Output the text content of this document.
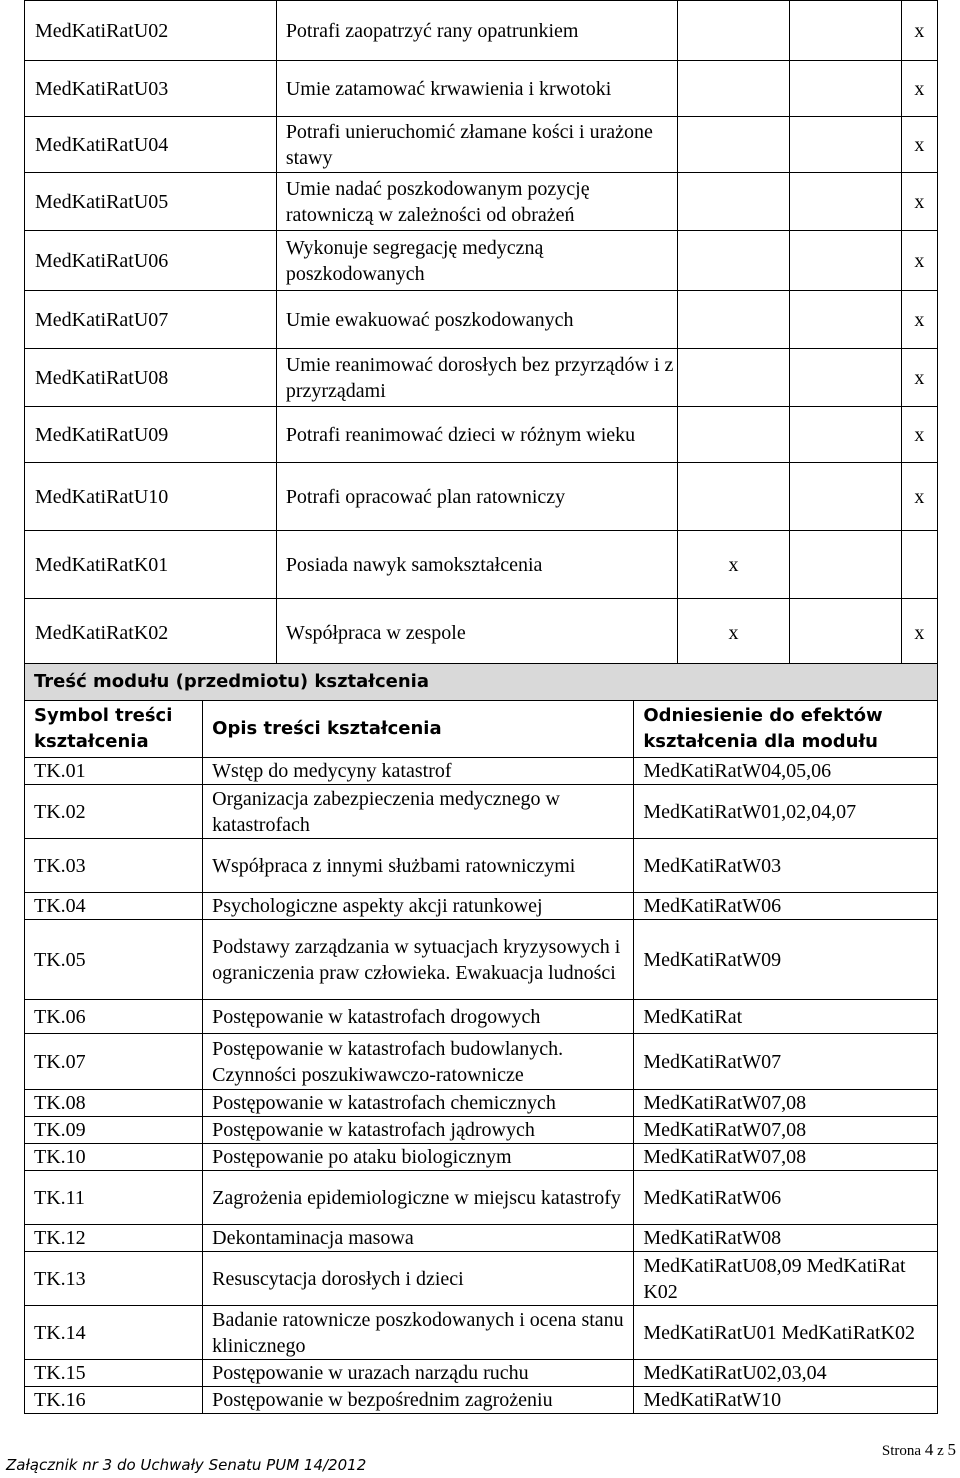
MedKatiRatU02	Potrafi zaopatrzyć rany opatrunkiem			x
MedKatiRatU03	Umie zatamować krwawienia i krwotoki			x
MedKatiRatU04	Potrafi unieruchomić złamane kości i urażone stawy			x
MedKatiRatU05	Umie nadać poszkodowanym pozycję ratowniczą w zależności od obrażeń			x
MedKatiRatU06	Wykonuje segregację medyczną poszkodowanych			x
MedKatiRatU07	Umie ewakuować poszkodowanych			x
MedKatiRatU08	Umie reanimować dorosłych bez przyrządów i z przyrządami			x
MedKatiRatU09	Potrafi reanimować dzieci w różnym wieku			x
MedKatiRatU10	Potrafi opracować plan ratowniczy			x
MedKatiRatK01	Posiada nawyk samokształcenia	x		
MedKatiRatK02	Współpraca w zespole	x		x
Treść modułu (przedmiotu) kształcenia		
Symbol treści kształcenia	Opis treści kształcenia	Odniesienie do efektów kształcenia dla modułu
TK.01	Wstęp do medycyny katastrof	MedKatiRatW04,05,06
TK.02	Organizacja zabezpieczenia medycznego w katastrofach	MedKatiRatW01,02,04,07
TK.03	Współpraca z innymi służbami ratowniczymi	MedKatiRatW03
TK.04	Psychologiczne aspekty akcji ratunkowej	MedKatiRatW06
TK.05	Podstawy zarządzania w sytuacjach kryzysowych i ograniczenia praw człowieka. Ewakuacja ludności	MedKatiRatW09
TK.06	Postępowanie w katastrofach drogowych	MedKatiRat
TK.07	Postępowanie w katastrofach budowlanych. Czynności poszukiwawczo-ratownicze	MedKatiRatW07
TK.08	Postępowanie w katastrofach chemicznych	MedKatiRatW07,08
TK.09	Postępowanie w katastrofach jądrowych	MedKatiRatW07,08
TK.10	Postępowanie po ataku biologicznym	MedKatiRatW07,08
TK.11	Zagrożenia epidemiologiczne w miejscu katastrofy	MedKatiRatW06
TK.12	Dekontaminacja masowa	MedKatiRatW08
TK.13	Resuscytacja dorosłych i dzieci	MedKatiRatU08,09 MedKatiRat K02
TK.14	Badanie ratownicze poszkodowanych i ocena stanu klinicznego	MedKatiRatU01 MedKatiRatK02
TK.15	Postępowanie w urazach narządu ruchu	MedKatiRatU02,03,04
TK.16	Postępowanie w bezpośrednim zagrożeniu	MedKatiRatW10
Załącznik nr 3 do Uchwały Senatu PUM 14/2012
Strona 4 z 5
